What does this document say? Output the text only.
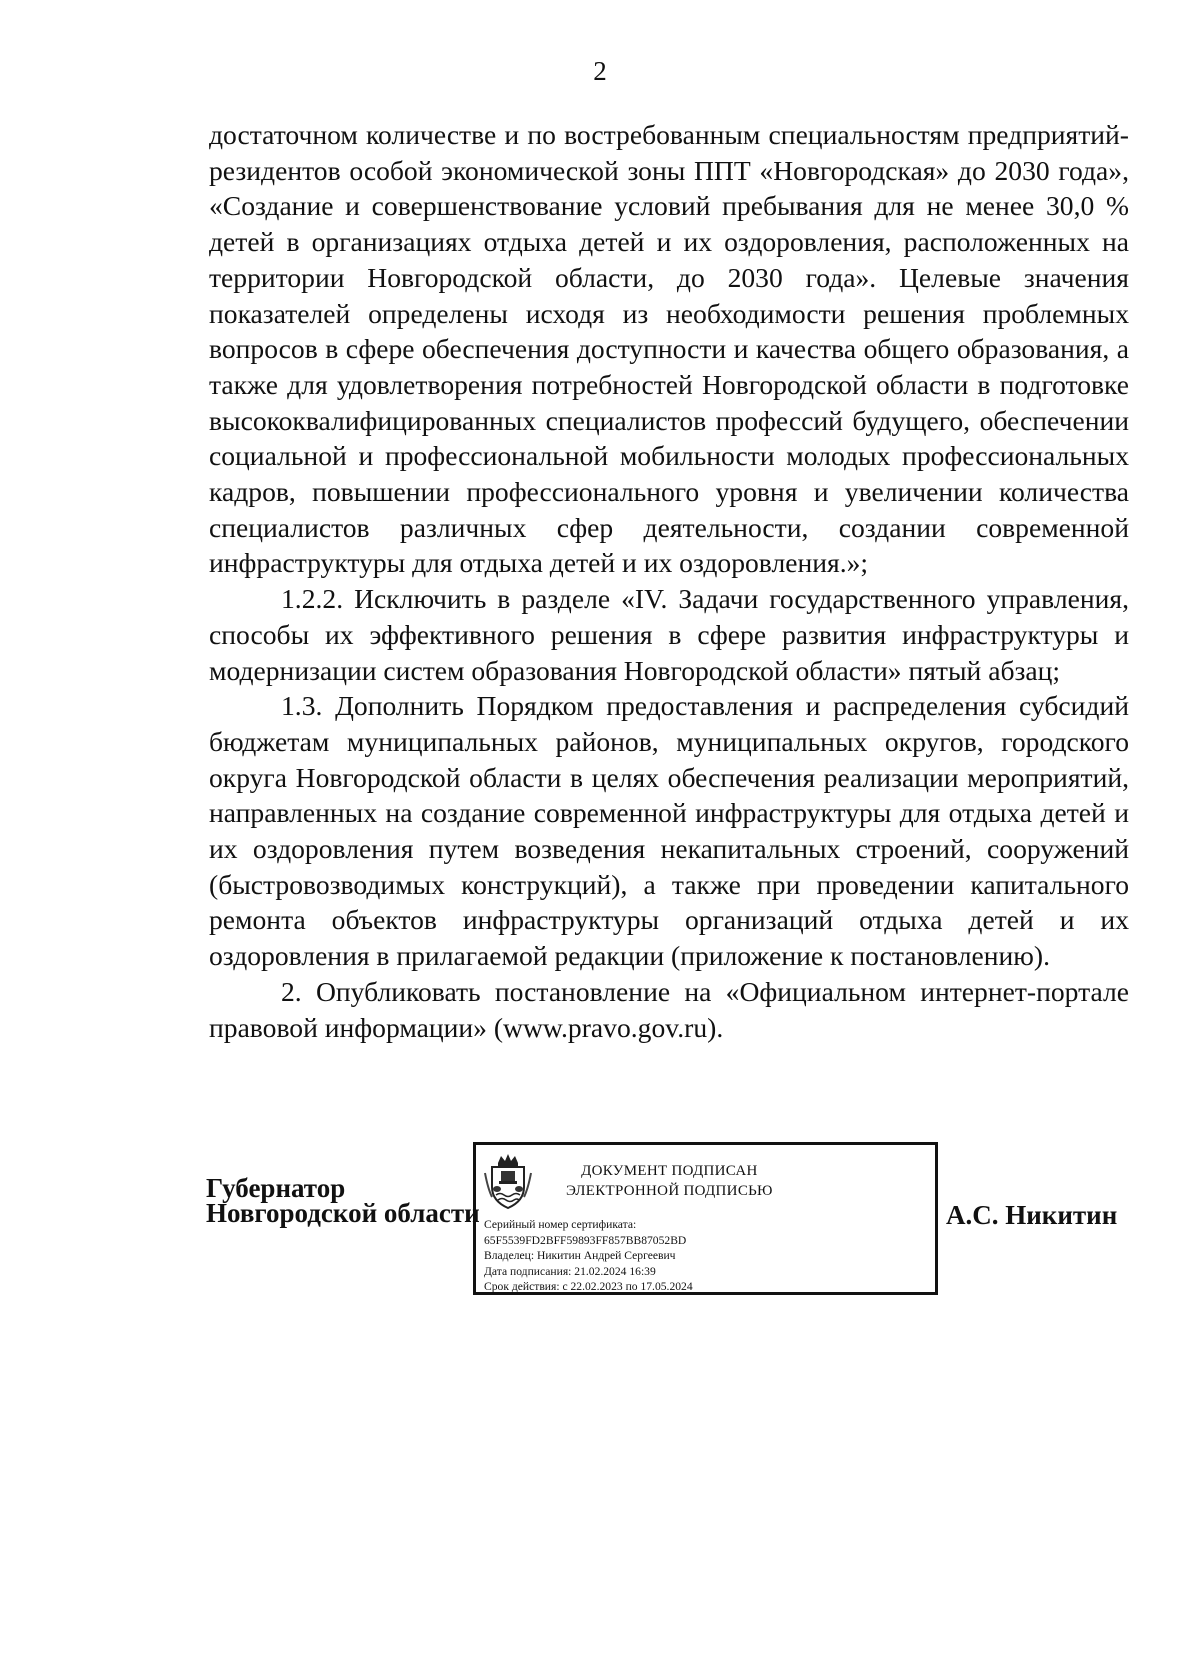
2

достаточном количестве и по востребованным специальностям предприятий-резидентов особой экономической зоны ППТ «Новгородская» до 2030 года», «Создание и совершенствование условий пребывания для не менее 30,0 % детей в организациях отдыха детей и их оздоровления, расположенных на территории Новгородской области, до 2030 года». Целевые значения показателей определены исходя из необходимости решения проблемных вопросов в сфере обеспечения доступности и качества общего образования, а также для удовлетворения потребностей Новгородской области в подготовке высококвалифицированных специалистов профессий будущего, обеспечении социальной и профессиональной мобильности молодых профессиональных кадров, повышении профессионального уровня и увеличении количества специалистов различных сфер деятельности, создании современной инфраструктуры для отдыха детей и их оздоровления.»;

1.2.2. Исключить в разделе «IV. Задачи государственного управления, способы их эффективного решения в сфере развития инфраструктуры и модернизации систем образования Новгородской области» пятый абзац;

1.3. Дополнить Порядком предоставления и распределения субсидий бюджетам муниципальных районов, муниципальных округов, городского округа Новгородской области в целях обеспечения реализации мероприятий, направленных на создание современной инфраструктуры для отдыха детей и их оздоровления путем возведения некапитальных строений, сооружений (быстровозводимых конструкций), а также при проведении капитального ремонта объектов инфраструктуры организаций отдыха детей и их оздоровления в прилагаемой редакции (приложение к постановлению).

2. Опубликовать постановление на «Официальном интернет-портале правовой информации» (www.pravo.gov.ru).

Губернатор
Новгородской области
ДОКУМЕНТ ПОДПИСАН
ЭЛЕКТРОННОЙ ПОДПИСЬЮ
Серийный номер сертификата:
65F5539FD2BFF59893FF857BB87052BD
Владелец: Никитин Андрей Сергеевич
Дата подписания: 21.02.2024 16:39
Срок действия: с 22.02.2023 по 17.05.2024
А.С. Никитин
